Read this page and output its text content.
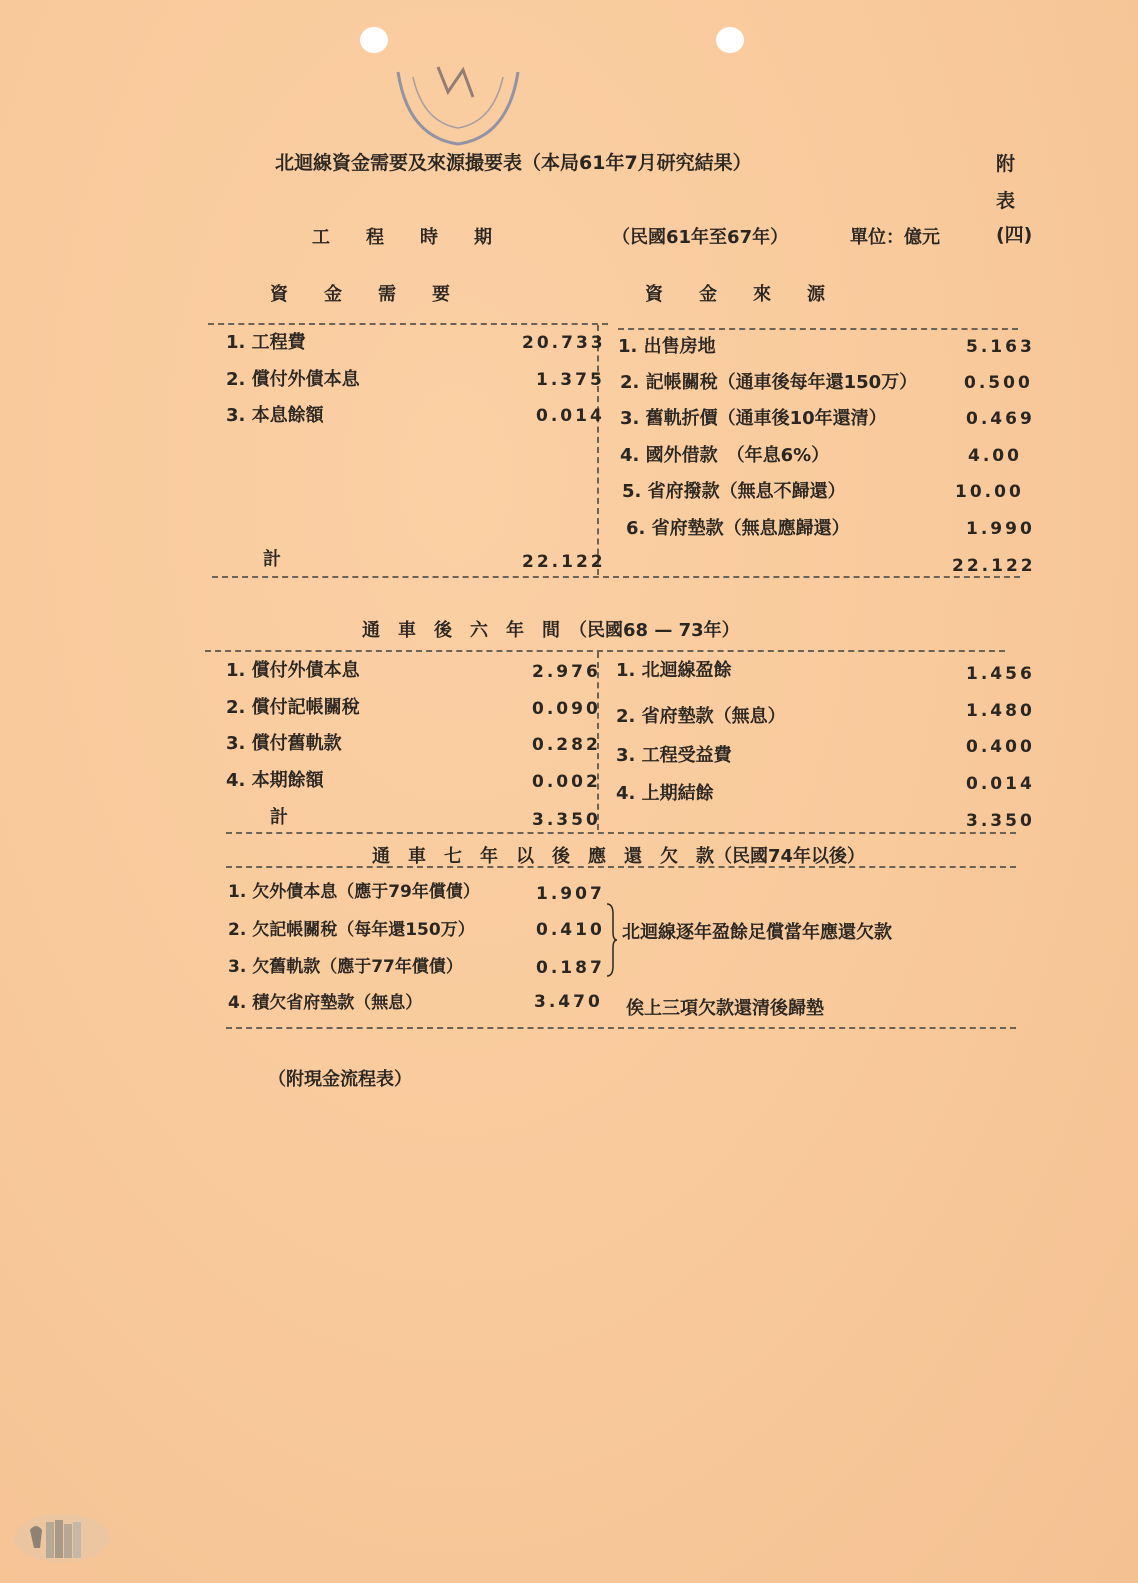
北迴線資金需要及來源撮要表（本局61年7月研究結果）	附
表
(四)
工　　程　　時　　期	（民國61年至67年）	單位：億元
資　　金　　需　　要	資　　金　　來　　源
1. 工程費	20.733
2. 償付外債本息	1.375
3. 本息餘額	0.014
計	22.122
1. 出售房地	5.163
2. 記帳關稅（通車後每年還150万）	0.500
3. 舊軌折價（通車後10年還清）	0.469
4. 國外借款　（年息6%）	4.00
5. 省府撥款（無息不歸還）	10.00
6. 省府墊款（無息應歸還）	1.990
22.122
通　車　後　六　年　間　（民國68 — 73年）
1. 償付外債本息	2.976
2. 償付記帳關稅	0.090
3. 償付舊軌款	0.282
4. 本期餘額	0.002
計	3.350
1. 北迴線盈餘	1.456
2. 省府墊款（無息）	1.480
3. 工程受益費	0.400
4. 上期結餘	0.014
3.350
通　車　七　年　以　後　應　還　欠　款（民國74年以後）
1. 欠外債本息（應于79年償債）	1.907
2. 欠記帳關稅（每年還150万）	0.410
3. 欠舊軌款（應于77年償債）	0.187
4. 積欠省府墊款（無息）	3.470
北迴線逐年盈餘足償當年應還欠款
俟上三項欠款還清後歸墊
（附現金流程表）
